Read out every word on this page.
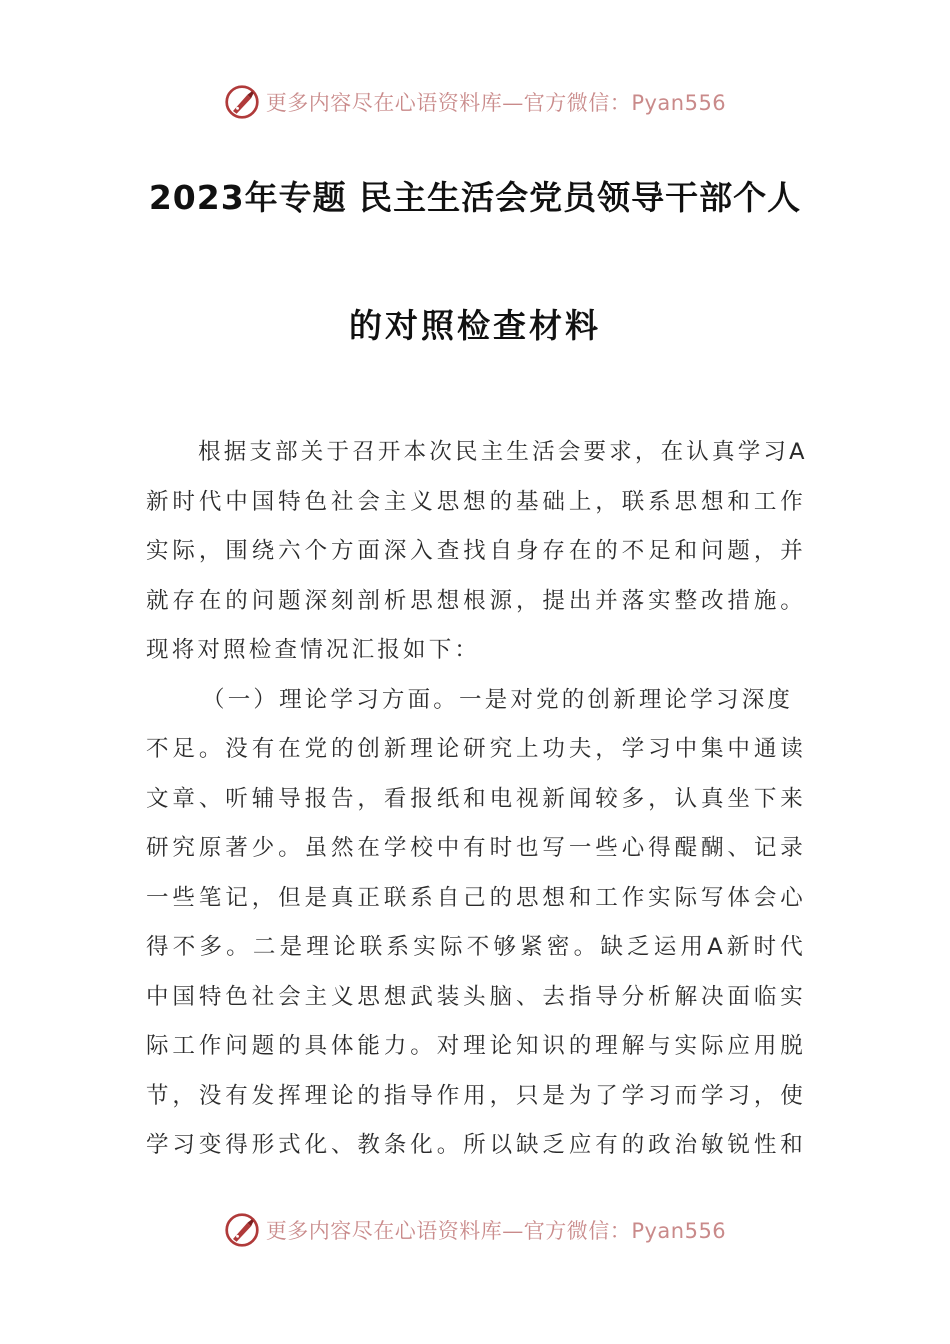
更多内容尽在心语资料库—官方微信：Pyan556
2023年专题 民主生活会党员领导干部个人
的对照检查材料
根据支部关于召开本次民主生活会要求，在认真学习A
新时代中国特色社会主义思想的基础上，联系思想和工作
实际，围绕六个方面深入查找自身存在的不足和问题，并
就存在的问题深刻剖析思想根源，提出并落实整改措施。
现将对照检查情况汇报如下：
（一）理论学习方面。一是对党的创新理论学习深度
不足。没有在党的创新理论研究上功夫，学习中集中通读
文章、听辅导报告，看报纸和电视新闻较多，认真坐下来
研究原著少。虽然在学校中有时也写一些心得醍醐、记录
一些笔记，但是真正联系自己的思想和工作实际写体会心
得不多。二是理论联系实际不够紧密。缺乏运用A新时代
中国特色社会主义思想武装头脑、去指导分析解决面临实
际工作问题的具体能力。对理论知识的理解与实际应用脱
节，没有发挥理论的指导作用，只是为了学习而学习，使
学习变得形式化、教条化。所以缺乏应有的政治敏锐性和
更多内容尽在心语资料库—官方微信：Pyan556
